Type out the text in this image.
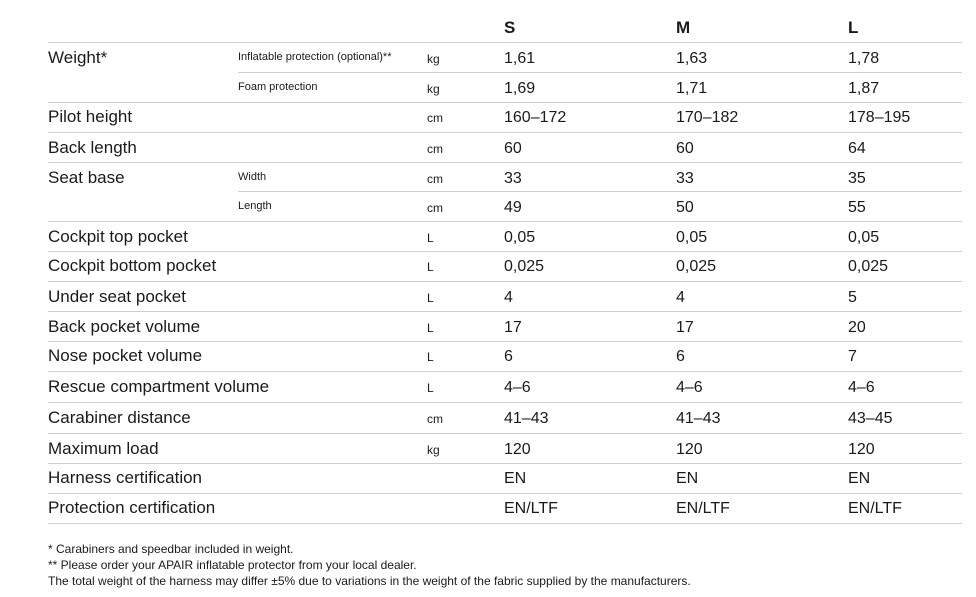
S	M	L
Weight*	Inflatable protection (optional)**	kg	1,61	1,63	1,78
Foam protection	kg	1,69	1,71	1,87
Pilot height	cm	160–172	170–182	178–195
Back length	cm	60	60	64
Seat base	Width	cm	33	33	35
Length	cm	49	50	55
Cockpit top pocket	L	0,05	0,05	0,05
Cockpit bottom pocket	L	0,025	0,025	0,025
Under seat pocket	L	4	4	5
Back pocket volume	L	17	17	20
Nose pocket volume	L	6	6	7
Rescue compartment volume	L	4–6	4–6	4–6
Carabiner distance	cm	41–43	41–43	43–45
Maximum load	kg	120	120	120
Harness certification	EN	EN	EN
Protection certification	EN/LTF	EN/LTF	EN/LTF
* Carabiners and speedbar included in weight.
** Please order your APAIR inflatable protector from your local dealer.
The total weight of the harness may differ ±5% due to variations in the weight of the fabric supplied by the manufacturers.
